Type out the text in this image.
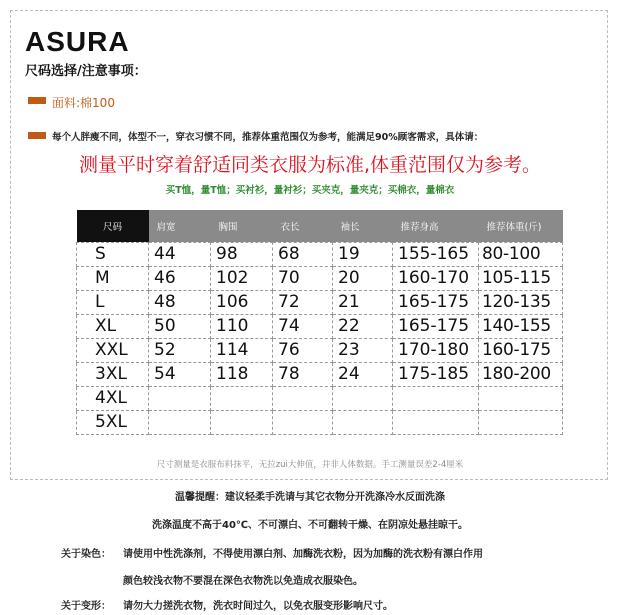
ASURA
尺码选择/注意事项：
面料:棉100
每个人胖瘦不同，体型不一，穿衣习惯不同，推荐体重范围仅为参考，能满足90%顾客需求，具体请：
测量平时穿着舒适同类衣服为标准,体重范围仅为参考。
买T恤，量T恤；买衬衫，量衬衫；买夹克，量夹克；买棉衣，量棉衣
尺码	肩宽	胸围	衣长	袖长	推荐身高	推荐体重(斤)
S	44	98	68	19	155-165	80-100
M	46	102	70	20	160-170	105-115
L	48	106	72	21	165-175	120-135
XL	50	110	74	22	165-175	140-155
XXL	52	114	76	23	170-180	160-175
3XL	54	118	78	24	175-185	180-200
4XL						
5XL						
尺寸测量是衣服布料抹平，无拉zui大伸值，并非人体数据。手工测量误差2-4厘米
温馨提醒：建议轻柔手洗请与其它衣物分开洗涤冷水反面洗涤
洗涤温度不高于40℃、不可漂白、不可翻转干燥、在阴凉处悬挂晾干。
关于染色： 请使用中性洗涤剂，不得使用漂白剂、加酶洗衣粉，因为加酶的洗衣粉有漂白作用
颜色较浅衣物不要混在深色衣物洗以免造成衣服染色。
关于变形： 请勿大力搓洗衣物，洗衣时间过久，以免衣服变形影响尺寸。
